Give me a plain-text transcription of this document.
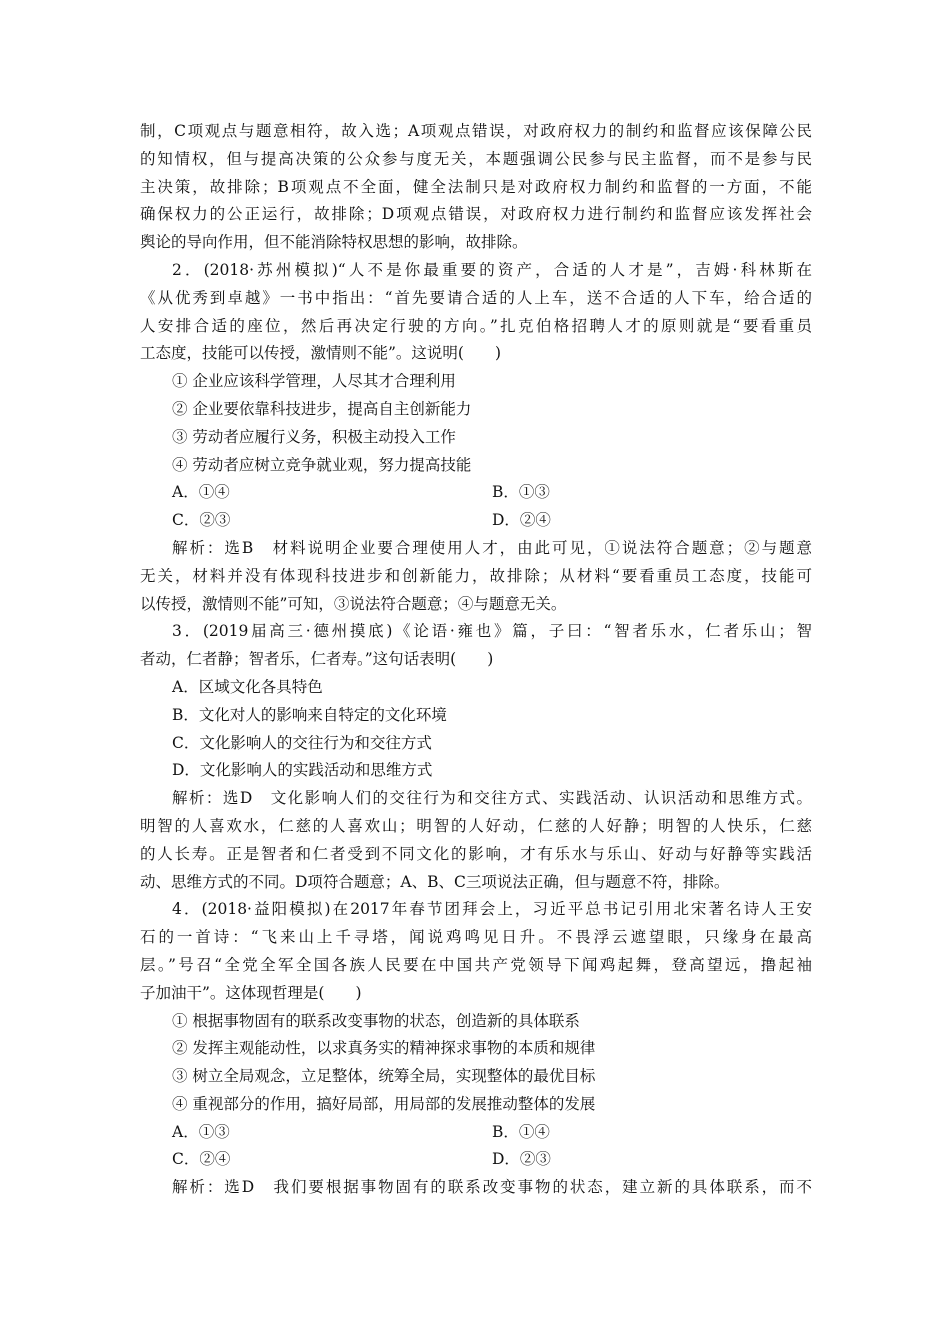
制，C项观点与题意相符，故入选；A项观点错误，对政府权力的制约和监督应该保障公民
的知情权，但与提高决策的公众参与度无关，本题强调公民参与民主监督，而不是参与民
主决策，故排除；B项观点不全面，健全法制只是对政府权力制约和监督的一方面，不能
确保权力的公正运行，故排除；D项观点错误，对政府权力进行制约和监督应该发挥社会
舆论的导向作用，但不能消除特权思想的影响，故排除。
2．(2018·苏州模拟)“人不是你最重要的资产，合适的人才是”，吉姆·科林斯在
《从优秀到卓越》一书中指出：“首先要请合适的人上车，送不合适的人下车，给合适的
人安排合适的座位，然后再决定行驶的方向。”扎克伯格招聘人才的原则就是“要看重员
工态度，技能可以传授，激情则不能”。这说明(　　)
① 企业应该科学管理，人尽其才合理利用
② 企业要依靠科技进步，提高自主创新能力
③ 劳动者应履行义务，积极主动投入工作
④ 劳动者应树立竞争就业观，努力提高技能
A．①④	B．①③
C．②③	D．②④
解析：选B　材料说明企业要合理使用人才，由此可见，①说法符合题意；②与题意
无关，材料并没有体现科技进步和创新能力，故排除；从材料“要看重员工态度，技能可
以传授，激情则不能”可知，③说法符合题意；④与题意无关。
3．(2019届高三·德州摸底)《论语·雍也》篇，子曰：“智者乐水，仁者乐山；智
者动，仁者静；智者乐，仁者寿。”这句话表明(　　)
A．区域文化各具特色
B．文化对人的影响来自特定的文化环境
C．文化影响人的交往行为和交往方式
D．文化影响人的实践活动和思维方式
解析：选D　文化影响人们的交往行为和交往方式、实践活动、认识活动和思维方式。
明智的人喜欢水，仁慈的人喜欢山；明智的人好动，仁慈的人好静；明智的人快乐，仁慈
的人长寿。正是智者和仁者受到不同文化的影响，才有乐水与乐山、好动与好静等实践活
动、思维方式的不同。D项符合题意；A、B、C三项说法正确，但与题意不符，排除。
4．(2018·益阳模拟)在2017年春节团拜会上，习近平总书记引用北宋著名诗人王安
石的一首诗：“飞来山上千寻塔，闻说鸡鸣见日升。不畏浮云遮望眼，只缘身在最高
层。”号召“全党全军全国各族人民要在中国共产党领导下闻鸡起舞，登高望远，撸起袖
子加油干”。这体现哲理是(　　)
① 根据事物固有的联系改变事物的状态，创造新的具体联系
② 发挥主观能动性，以求真务实的精神探求事物的本质和规律
③ 树立全局观念，立足整体，统筹全局，实现整体的最优目标
④ 重视部分的作用，搞好局部，用局部的发展推动整体的发展
A．①③	B．①④
C．②④	D．②③
解析：选D　我们要根据事物固有的联系改变事物的状态，建立新的具体联系，而不
